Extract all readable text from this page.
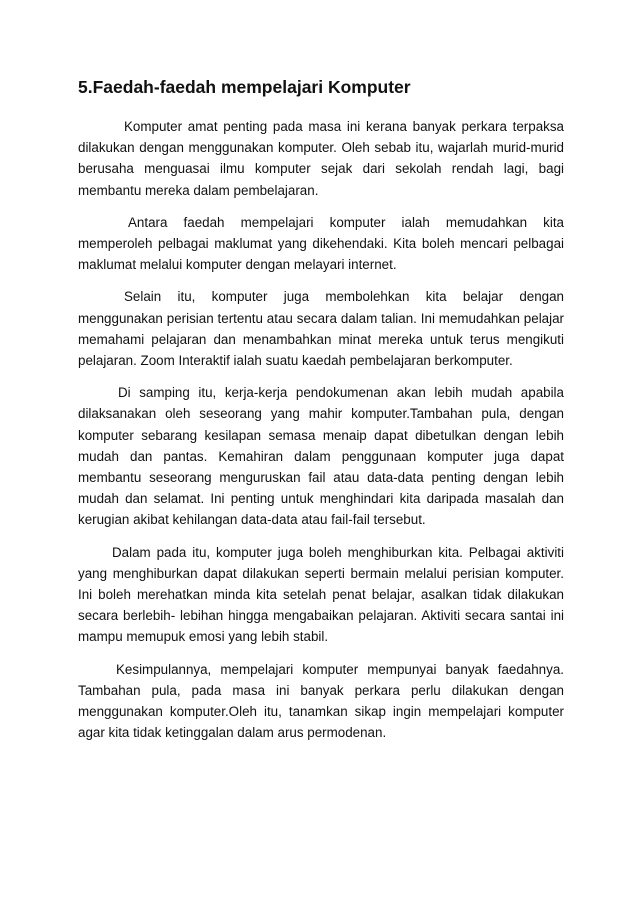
5.Faedah-faedah mempelajari Komputer

Komputer amat penting pada masa ini kerana banyak perkara terpaksa dilakukan dengan menggunakan komputer. Oleh sebab itu, wajarlah murid-murid berusaha menguasai ilmu komputer sejak dari sekolah rendah lagi, bagi membantu mereka dalam pembelajaran.

Antara faedah mempelajari komputer ialah memudahkan kita memperoleh pelbagai maklumat yang dikehendaki. Kita boleh mencari pelbagai maklumat melalui komputer dengan melayari internet.

Selain itu, komputer juga membolehkan kita belajar dengan menggunakan perisian tertentu atau secara dalam talian. Ini memudahkan pelajar memahami pelajaran dan menambahkan minat mereka untuk terus mengikuti pelajaran. Zoom Interaktif ialah suatu kaedah pembelajaran berkomputer.

Di samping itu, kerja-kerja pendokumenan akan lebih mudah apabila dilaksanakan oleh seseorang yang mahir komputer.Tambahan pula, dengan komputer sebarang kesilapan semasa menaip dapat dibetulkan dengan lebih mudah dan pantas. Kemahiran dalam penggunaan komputer juga dapat membantu seseorang menguruskan fail atau data-data penting dengan lebih mudah dan selamat. Ini penting untuk menghindari kita daripada masalah dan kerugian akibat kehilangan data-data atau fail-fail tersebut.

Dalam pada itu, komputer juga boleh menghiburkan kita. Pelbagai aktiviti yang menghiburkan dapat dilakukan seperti bermain melalui perisian komputer. Ini boleh merehatkan minda kita setelah penat belajar, asalkan tidak dilakukan secara berlebih- lebihan hingga mengabaikan pelajaran. Aktiviti secara santai ini mampu memupuk emosi yang lebih stabil.

Kesimpulannya, mempelajari komputer mempunyai banyak faedahnya. Tambahan pula, pada masa ini banyak perkara perlu dilakukan dengan menggunakan komputer.Oleh itu, tanamkan sikap ingin mempelajari komputer agar kita tidak ketinggalan dalam arus permodenan.
